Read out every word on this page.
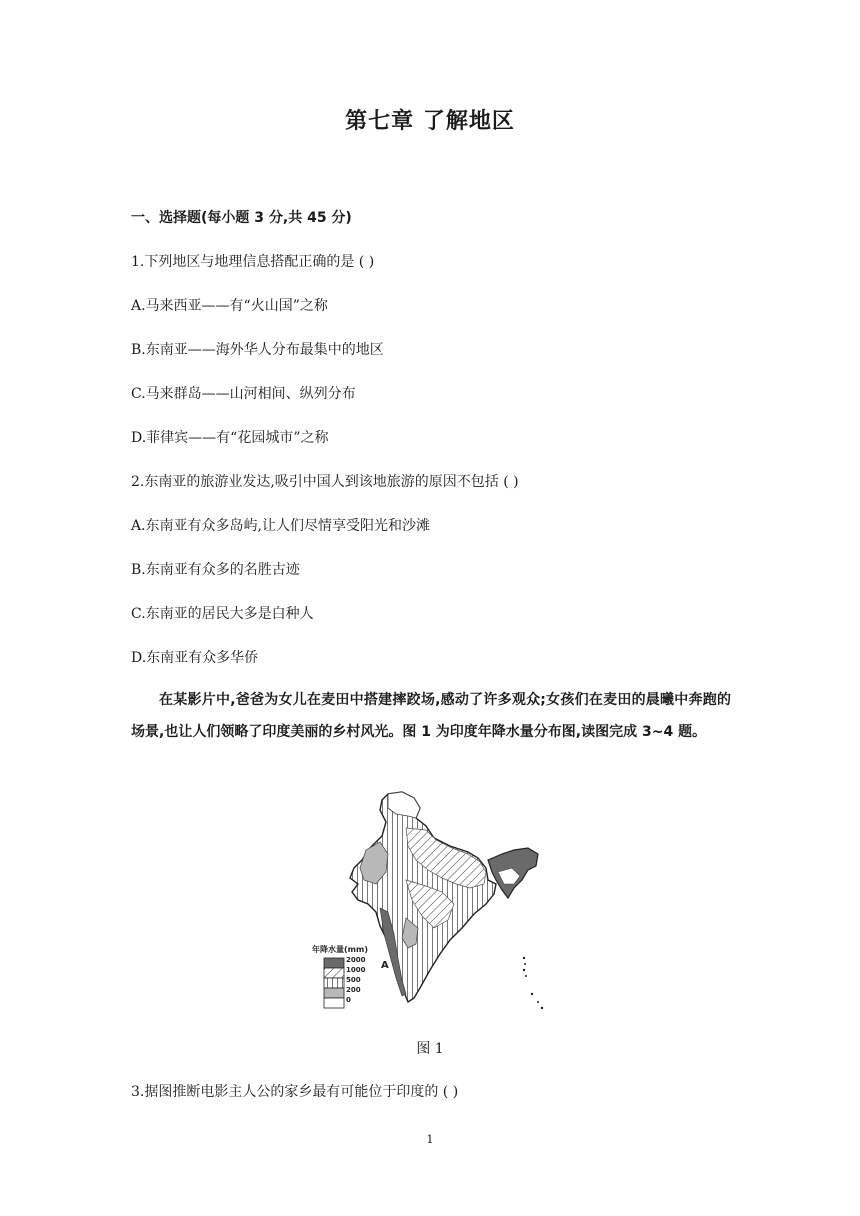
第七章 了解地区
一、选择题(每小题 3 分,共 45 分)
1.下列地区与地理信息搭配正确的是 ( )
A.马来西亚——有“火山国”之称
B.东南亚——海外华人分布最集中的地区
C.马来群岛——山河相间、纵列分布
D.菲律宾——有“花园城市”之称
2.东南亚的旅游业发达,吸引中国人到该地旅游的原因不包括 ( )
A.东南亚有众多岛屿,让人们尽情享受阳光和沙滩
B.东南亚有众多的名胜古迹
C.东南亚的居民大多是白种人
D.东南亚有众多华侨
在某影片中,爸爸为女儿在麦田中搭建摔跤场,感动了许多观众;女孩们在麦田的晨曦中奔跑的场景,也让人们领略了印度美丽的乡村风光。图 1 为印度年降水量分布图,读图完成 3~4 题。
A
年降水量(mm)
2000
1000
500
200
0
图 1
3.据图推断电影主人公的家乡最有可能位于印度的 ( )
1
